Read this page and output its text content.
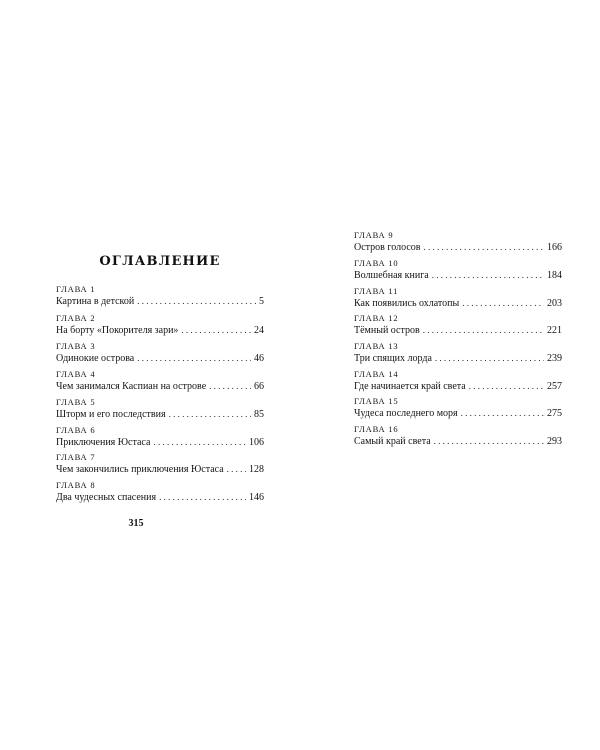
ОГЛАВЛЕНИЕ
ГЛАВА 1
Картина в детской . . .	5
ГЛАВА 2
На борту «Покорителя зари» . . .	24
ГЛАВА 3
Одинокие острова . . .	46
ГЛАВА 4
Чем занимался Каспиан на острове . . .	66
ГЛАВА 5
Шторм и его последствия . . .	85
ГЛАВА 6
Приключения Юстаса . . .	106
ГЛАВА 7
Чем закончились приключения Юстаса . . .	128
ГЛАВА 8
Два чудесных спасения . . .	146
315
ГЛАВА 9
Остров голосов . . .	166
ГЛАВА 10
Волшебная книга . . .	184
ГЛАВА 11
Как появились охлатопы . . .	203
ГЛАВА 12
Тёмный остров . . .	221
ГЛАВА 13
Три спящих лорда . . .	239
ГЛАВА 14
Где начинается край света . . .	257
ГЛАВА 15
Чудеса последнего моря . . .	275
ГЛАВА 16
Самый край света . . .	293
